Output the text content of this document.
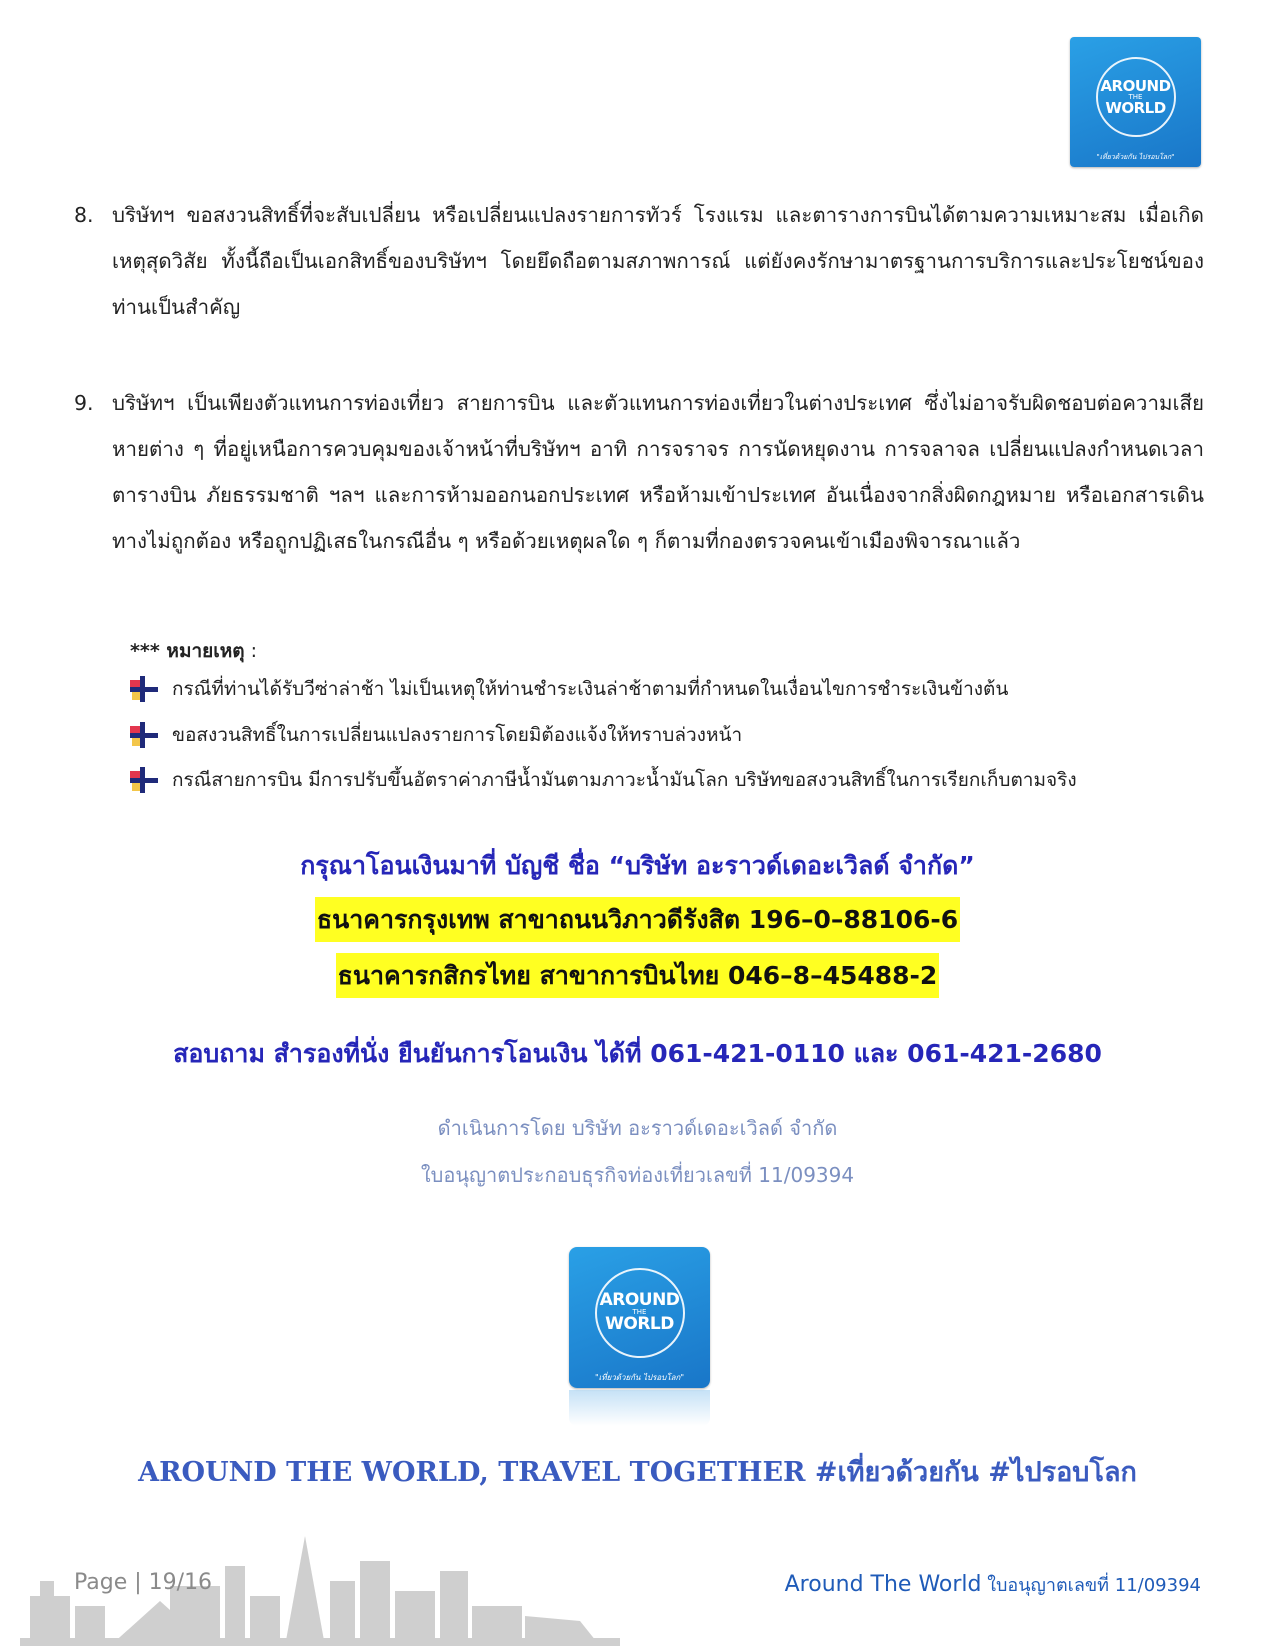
AROUND
THE
WORLD
"เที่ยวด้วยกัน ไปรอบโลก"
8. บริษัทฯ ขอสงวนสิทธิ์ที่จะสับเปลี่ยน หรือเปลี่ยนแปลงรายการทัวร์ โรงแรม และตารางการบินได้ตามความเหมาะสม เมื่อเกิดเหตุสุดวิสัย ทั้งนี้ถือเป็นเอกสิทธิ์ของบริษัทฯ โดยยึดถือตามสภาพการณ์ แต่ยังคงรักษามาตรฐานการบริการและประโยชน์ของท่านเป็นสำคัญ
9. บริษัทฯ เป็นเพียงตัวแทนการท่องเที่ยว สายการบิน และตัวแทนการท่องเที่ยวในต่างประเทศ ซึ่งไม่อาจรับผิดชอบต่อความเสียหายต่าง ๆ ที่อยู่เหนือการควบคุมของเจ้าหน้าที่บริษัทฯ อาทิ การจราจร การนัดหยุดงาน การจลาจล เปลี่ยนแปลงกำหนดเวลาตารางบิน ภัยธรรมชาติ ฯลฯ และการห้ามออกนอกประเทศ หรือห้ามเข้าประเทศ อันเนื่องจากสิ่งผิดกฎหมาย หรือเอกสารเดินทางไม่ถูกต้อง หรือถูกปฏิเสธในกรณีอื่น ๆ หรือด้วยเหตุผลใด ๆ ก็ตามที่กองตรวจคนเข้าเมืองพิจารณาแล้ว
*** หมายเหตุ :
กรณีที่ท่านได้รับวีซ่าล่าช้า ไม่เป็นเหตุให้ท่านชำระเงินล่าช้าตามที่กำหนดในเงื่อนไขการชำระเงินข้างต้น
ขอสงวนสิทธิ์ในการเปลี่ยนแปลงรายการโดยมิต้องแจ้งให้ทราบล่วงหน้า
กรณีสายการบิน มีการปรับขึ้นอัตราค่าภาษีน้ำมันตามภาวะน้ำมันโลก บริษัทขอสงวนสิทธิ์ในการเรียกเก็บตามจริง
กรุณาโอนเงินมาที่ บัญชี ชื่อ “บริษัท อะราวด์เดอะเวิลด์ จำกัด”
ธนาคารกรุงเทพ สาขาถนนวิภาวดีรังสิต 196–0–88106-6
ธนาคารกสิกรไทย สาขาการบินไทย 046–8–45488-2
สอบถาม สำรองที่นั่ง ยืนยันการโอนเงิน ได้ที่ 061-421-0110 และ 061-421-2680
ดำเนินการโดย บริษัท อะราวด์เดอะเวิลด์ จำกัด
ใบอนุญาตประกอบธุรกิจท่องเที่ยวเลขที่ 11/09394
AROUND
THE
WORLD
"เที่ยวด้วยกัน ไปรอบโลก"
AROUND THE WORLD, TRAVEL TOGETHER #เที่ยวด้วยกัน #ไปรอบโลก
Page | 19/16	Around The World ใบอนุญาตเลขที่ 11/09394
